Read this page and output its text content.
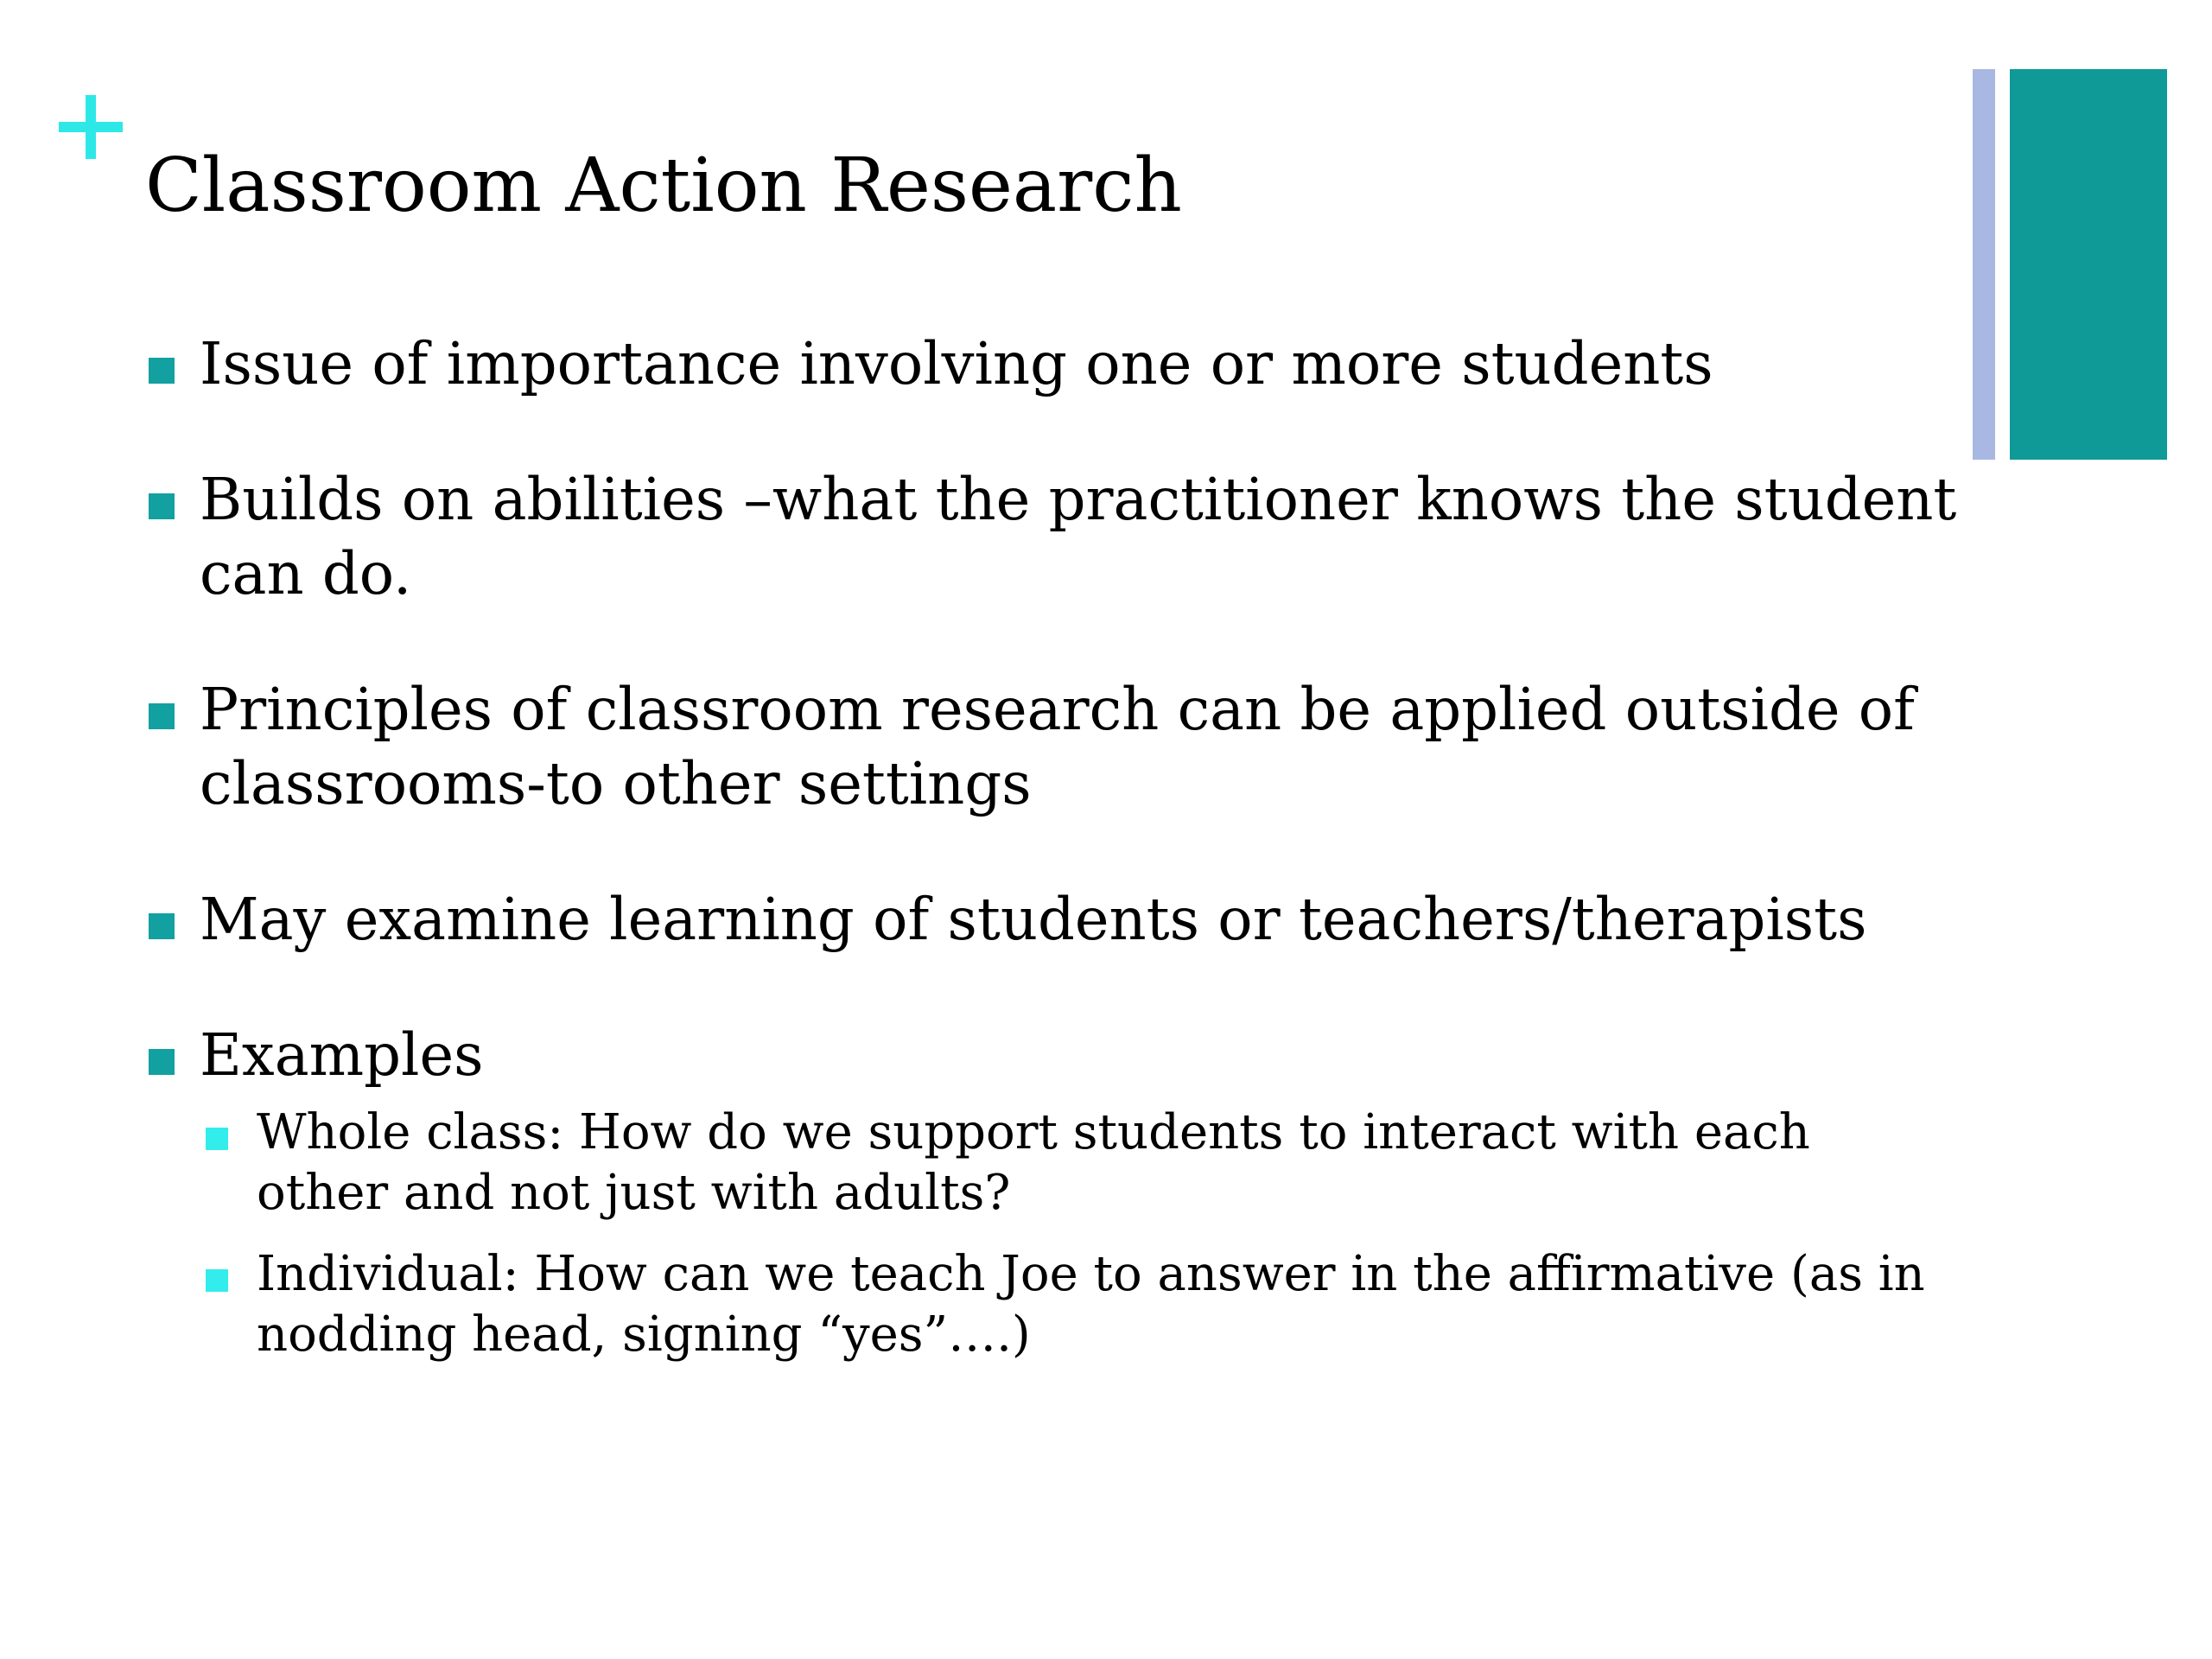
Classroom Action Research
Issue of importance involving one or more students
Builds on abilities –what the practitioner knows the student can do.
Principles of classroom research can be applied outside of classrooms-to other settings
May examine learning of students or teachers/therapists
Examples
Whole class: How do we support students to interact with each other and not just with adults?
Individual: How can we teach Joe to answer in the affirmative (as in nodding head, signing “yes”….)
